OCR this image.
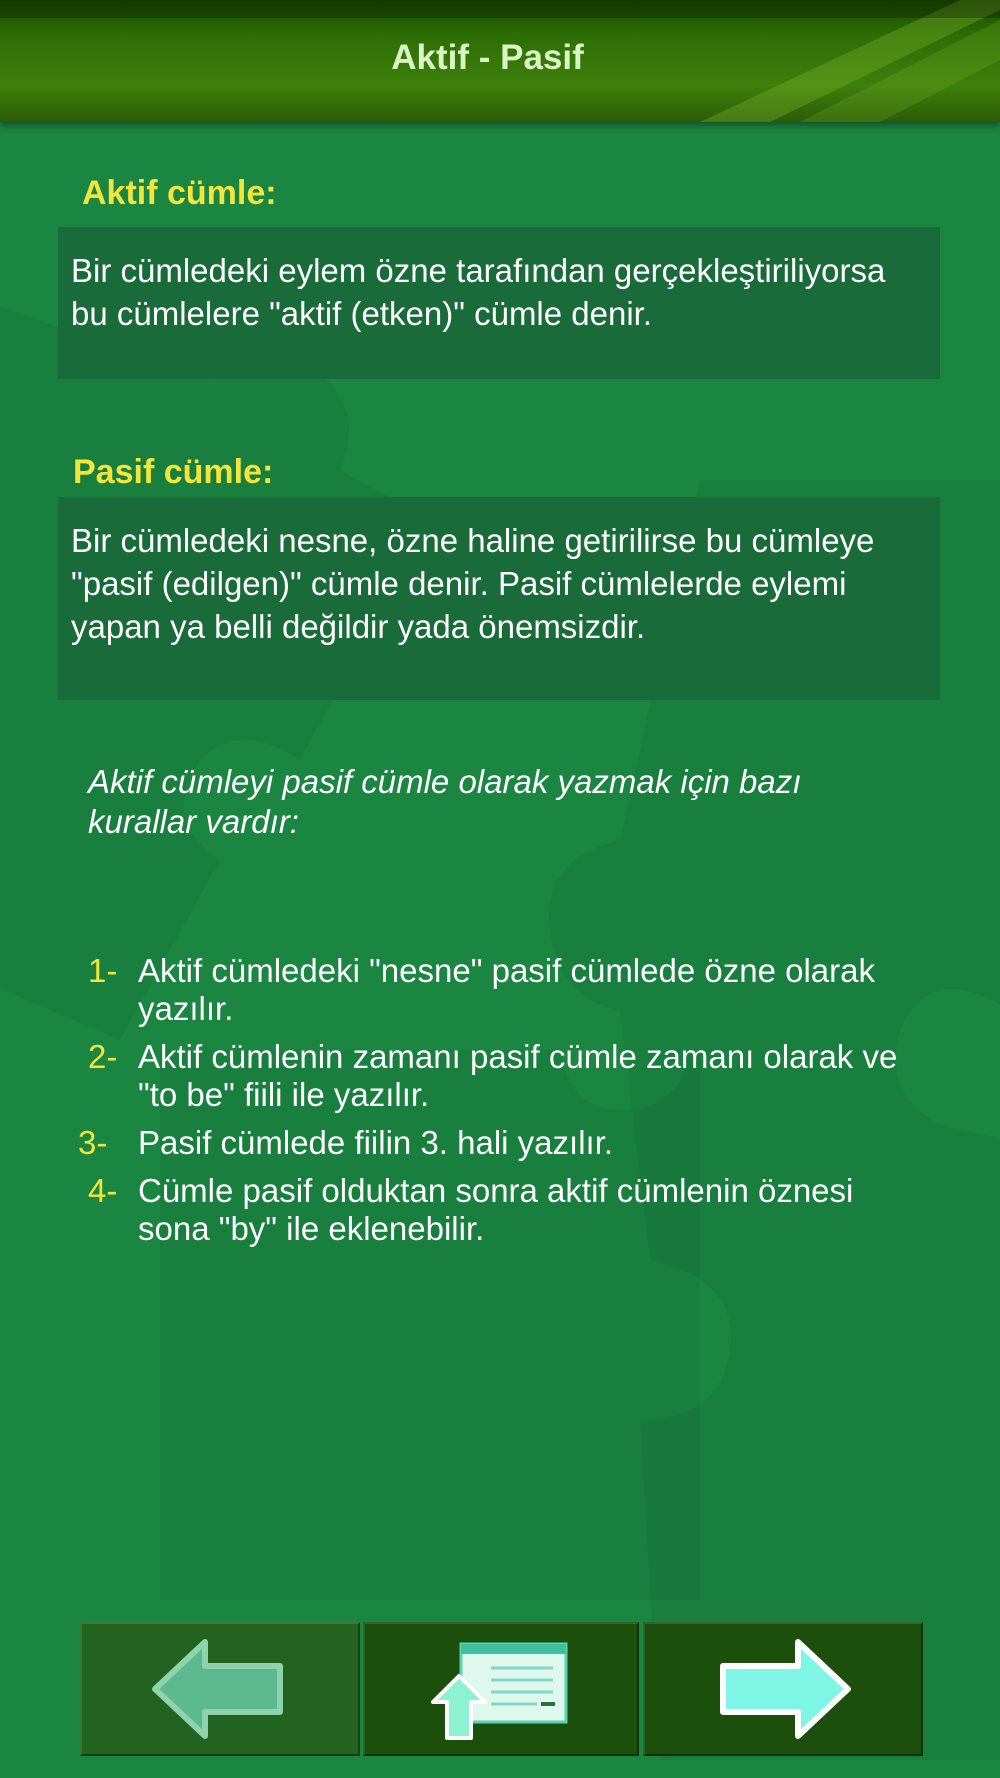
Aktif - Pasif
Aktif cümle:
Bir cümledeki eylem özne tarafından gerçekleştiriliyorsa bu cümlelere "aktif (etken)" cümle denir.
Pasif cümle:
Bir cümledeki nesne, özne haline getirilirse bu cümleye "pasif (edilgen)" cümle denir. Pasif cümlelerde eylemi yapan ya belli değildir yada önemsizdir.

Aktif cümleyi pasif cümle olarak yazmak için bazı kurallar vardır:

1- Aktif cümledeki "nesne" pasif cümlede özne olarak yazılır.
2- Aktif cümlenin zamanı pasif cümle zamanı olarak ve "to be" fiili ile yazılır.
3- Pasif cümlede fiilin 3. hali yazılır.
4- Cümle pasif olduktan sonra aktif cümlenin öznesi sona "by" ile eklenebilir.
